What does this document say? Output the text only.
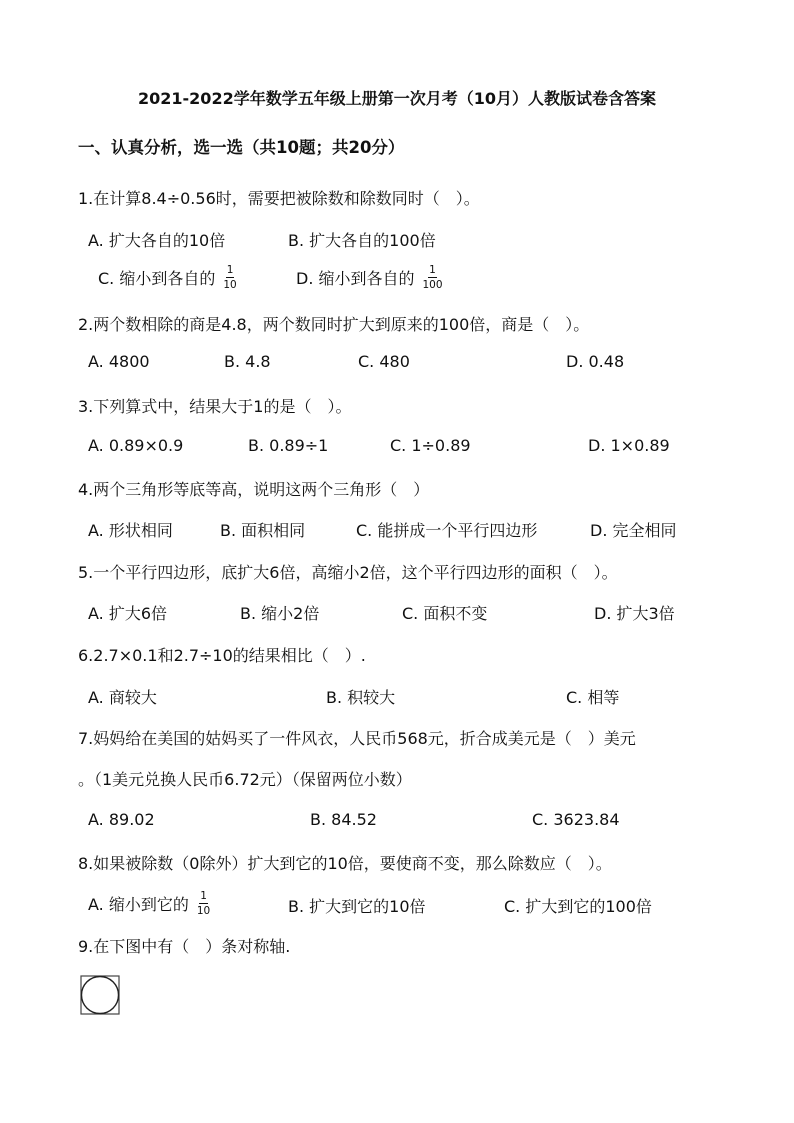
2021-2022学年数学五年级上册第一次月考（10月）人教版试卷含答案
一、认真分析，选一选（共10题；共20分）
1.在计算8.4÷0.56时，需要把被除数和除数同时（　）。
A. 扩大各自的10倍	B. 扩大各自的100倍
C. 缩小到各自的 $\frac{1}{10}$	D. 缩小到各自的 $\frac{1}{100}$
2.两个数相除的商是4.8，两个数同时扩大到原来的100倍，商是（　）。
A. 4800	B. 4.8	C. 480	D. 0.48
3.下列算式中，结果大于1的是（　）。
A. 0.89×0.9	B. 0.89÷1	C. 1÷0.89	D. 1×0.89
4.两个三角形等底等高，说明这两个三角形（　）
A. 形状相同	B. 面积相同	C. 能拼成一个平行四边形	D. 完全相同
5.一个平行四边形，底扩大6倍，高缩小2倍，这个平行四边形的面积（　）。
A. 扩大6倍	B. 缩小2倍	C. 面积不变	D. 扩大3倍
6.2.7×0.1和2.7÷10的结果相比（　）.
A. 商较大	B. 积较大	C. 相等
7.妈妈给在美国的姑妈买了一件风衣，人民币568元，折合成美元是（　）美元
。（1美元兑换人民币6.72元）（保留两位小数）
A. 89.02	B. 84.52	C. 3623.84
8.如果被除数（0除外）扩大到它的10倍，要使商不变，那么除数应（　）。
A. 缩小到它的 $\frac{1}{10}$	B. 扩大到它的10倍	C. 扩大到它的100倍
9.在下图中有（　）条对称轴.
